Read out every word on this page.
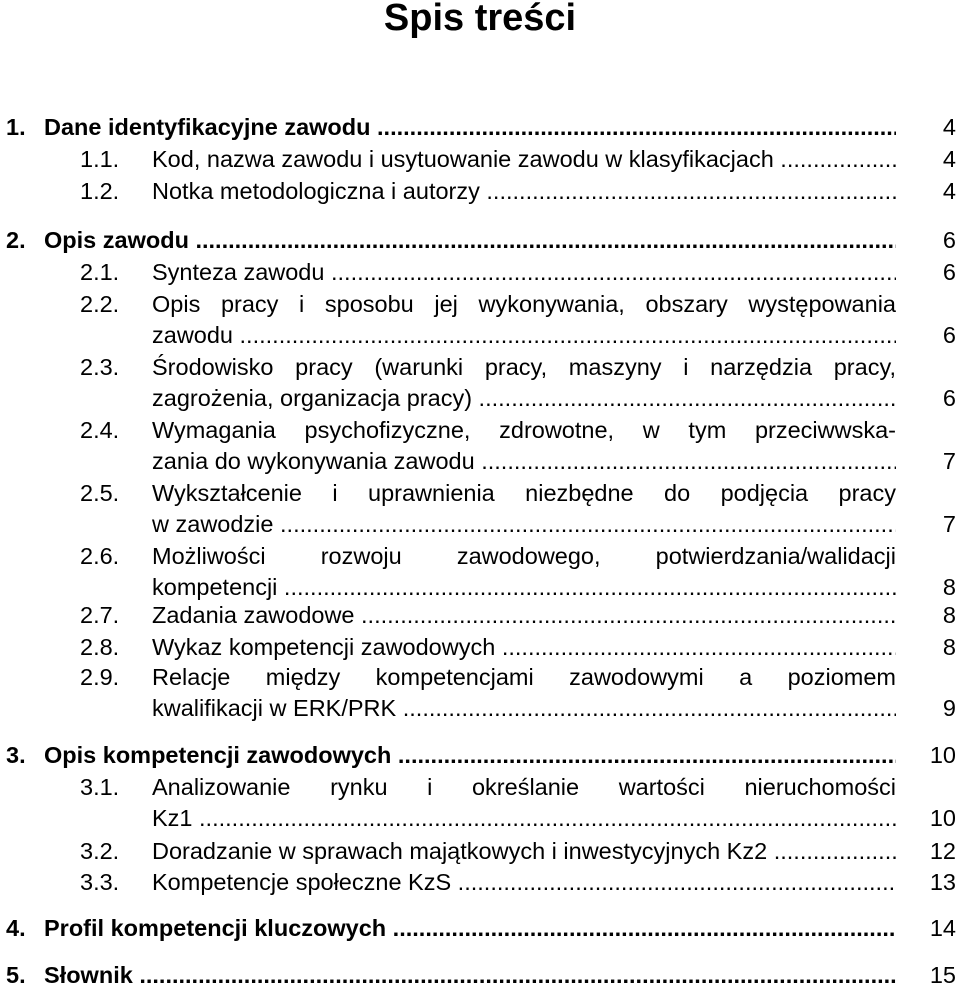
Spis treści
1. Dane identyfikacyjne zawodu .....	4
1.1. Kod, nazwa zawodu i usytuowanie zawodu w klasyfikacjach .....	4
1.2. Notka metodologiczna i autorzy .....	4
2. Opis zawodu .....	6
2.1. Synteza zawodu .....	6
2.2. Opis pracy i sposobu jej wykonywania, obszary występowania
zawodu .....	6
2.3. Środowisko pracy (warunki pracy, maszyny i narzędzia pracy,
zagrożenia, organizacja pracy) .....	6
2.4. Wymagania psychofizyczne, zdrowotne, w tym przeciwwska-
zania do wykonywania zawodu .....	7
2.5. Wykształcenie i uprawnienia niezbędne do podjęcia pracy
w zawodzie .....	7
2.6. Możliwości rozwoju zawodowego, potwierdzania/walidacji
kompetencji .....	8
2.7. Zadania zawodowe .....	8
2.8. Wykaz kompetencji zawodowych .....	8
2.9. Relacje między kompetencjami zawodowymi a poziomem
kwalifikacji w ERK/PRK .....	9
3. Opis kompetencji zawodowych .....	10
3.1. Analizowanie rynku i określanie wartości nieruchomości
Kz1 .....	10
3.2. Doradzanie w sprawach majątkowych i inwestycyjnych Kz2 .....	12
3.3. Kompetencje społeczne KzS .....	13
4. Profil kompetencji kluczowych .....	14
5. Słownik .....	15
